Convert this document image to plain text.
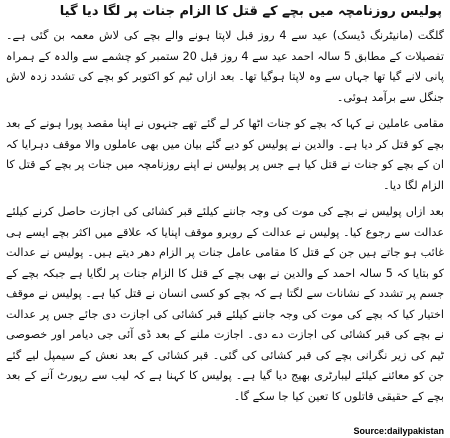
پولیس روزنامچہ میں بچے کے قتل کا الزام جنات پر لگا دیا گیا

گلگت (مانیٹرنگ ڈیسک) عید سے 4 روز قبل لاپتا ہونے والے بچے کی لاش معمہ بن گئی ہے۔ تفصیلات کے مطابق 5 سالہ احمد عید سے 4 روز قبل 20 ستمبر کو چشمے سے والدہ کے ہمراہ پانی لانے گیا تھا جہاں سے وہ لاپتا ہوگیا تھا۔ بعد ازاں ٹیم کو اکتوبر کو بچے کی تشدد زدہ لاش جنگل سے برآمد ہوئی۔

مقامی عاملین نے کہا کہ بچے کو جنات اٹھا کر لے گئے تھے جنہوں نے اپنا مقصد پورا ہونے کے بعد بچے کو قتل کر دیا ہے۔ والدین نے پولیس کو دیے گئے بیان میں بھی عاملوں والا موقف دہرایا کہ ان کے بچے کو جنات نے قتل کیا ہے جس پر پولیس نے اپنے روزنامچہ میں جنات پر بچے کے قتل کا الزام لگا دیا۔

بعد ازاں پولیس نے بچے کی موت کی وجہ جاننے کیلئے قبر کشائی کی اجازت حاصل کرنے کیلئے عدالت سے رجوع کیا۔ پولیس نے عدالت کے روبرو موقف اپنایا کہ علاقے میں اکثر بچے ایسے ہی غائب ہو جاتے ہیں جن کے قتل کا مقامی عامل جنات پر الزام دھر دیتے ہیں۔ پولیس نے عدالت کو بتایا کہ 5 سالہ احمد کے والدین نے بھی بچے کے قتل کا الزام جنات پر لگایا ہے جبکہ بچے کے جسم پر تشدد کے نشانات سے لگتا ہے کہ بچے کو کسی انسان نے قتل کیا ہے۔ پولیس نے موقف اختیار کیا کہ بچے کی موت کی وجہ جاننے کیلئے قبر کشائی کی اجازت دی جائے جس پر عدالت نے بچے کی قبر کشائی کی اجازت دے دی۔ اجازت ملنے کے بعد ڈی آئی جی دیامر اور خصوصی ٹیم کی زیر نگرانی بچے کی قبر کشائی کی گئی۔ قبر کشائی کے بعد نعش کے سیمپل لیے گئے جن کو معائنے کیلئے لیبارٹری بھیج دیا گیا ہے۔ پولیس کا کہنا ہے کہ لیب سے رپورٹ آنے کے بعد بچے کے حقیقی قاتلوں کا تعین کیا جا سکے گا۔

Source:dailypakistan
